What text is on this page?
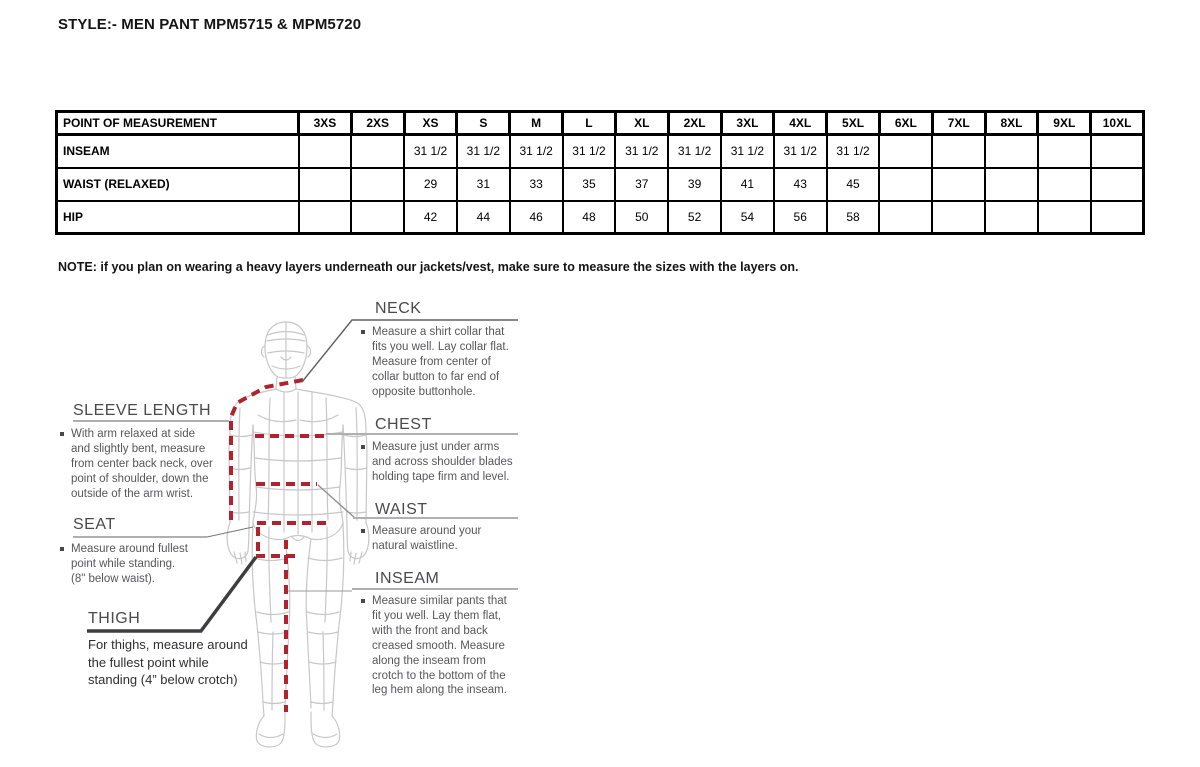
STYLE:- MEN PANT MPM5715 & MPM5720
POINT OF MEASUREMENT	3XS	2XS	XS	S	M	L	XL	2XL	3XL	4XL	5XL	6XL	7XL	8XL	9XL	10XL
INSEAM			31 1/2	31 1/2	31 1/2	31 1/2	31 1/2	31 1/2	31 1/2	31 1/2	31 1/2					
WAIST (RELAXED)			29	31	33	35	37	39	41	43	45					
HIP			42	44	46	48	50	52	54	56	58					
NOTE: if you plan on wearing a heavy layers underneath our jackets/vest, make sure to measure the sizes with the layers on.
NECK
Measure a shirt collar that
fits you well. Lay collar flat.
Measure from center of
collar button to far end of
opposite buttonhole.
CHEST
Measure just under arms
and across shoulder blades
holding tape firm and level.
WAIST
Measure around your
natural waistline.
INSEAM
Measure similar pants that
fit you well. Lay them flat,
with the front and back
creased smooth. Measure
along the inseam from
crotch to the bottom of the
leg hem along the inseam.
SLEEVE LENGTH
With arm relaxed at side
and slightly bent, measure
from center back neck, over
point of shoulder, down the
outside of the arm wrist.
SEAT
Measure around fullest
point while standing.
(8" below waist).
THIGH
For thighs, measure around
the fullest point while
standing (4” below crotch)
